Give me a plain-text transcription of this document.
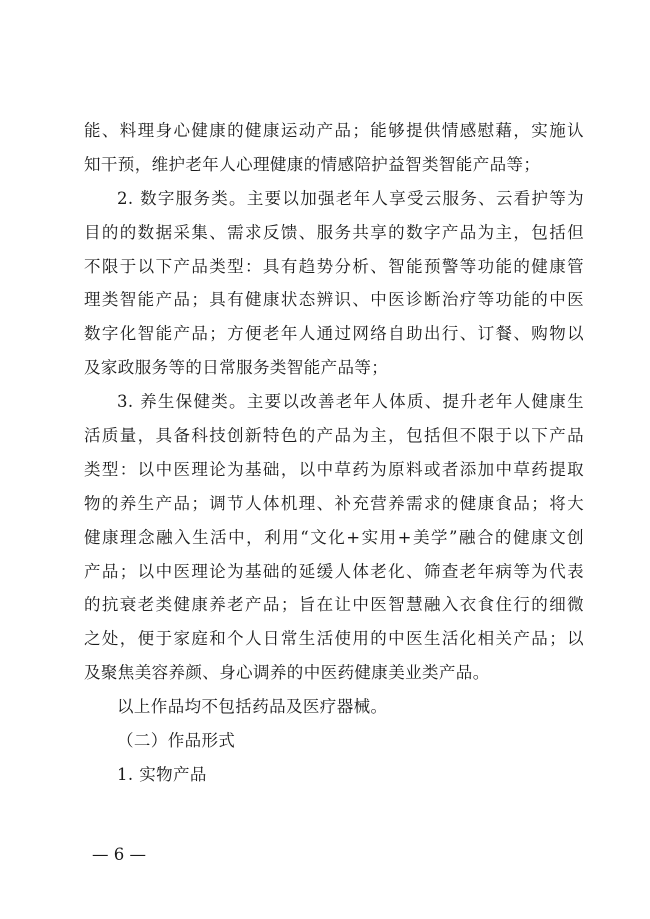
能、料理身心健康的健康运动产品；能够提供情感慰藉，实施认
知干预，维护老年人心理健康的情感陪护益智类智能产品等；
2. 数字服务类。主要以加强老年人享受云服务、云看护等为
目的的数据采集、需求反馈、服务共享的数字产品为主，包括但
不限于以下产品类型：具有趋势分析、智能预警等功能的健康管
理类智能产品；具有健康状态辨识、中医诊断治疗等功能的中医
数字化智能产品；方便老年人通过网络自助出行、订餐、购物以
及家政服务等的日常服务类智能产品等；
3. 养生保健类。主要以改善老年人体质、提升老年人健康生
活质量，具备科技创新特色的产品为主，包括但不限于以下产品
类型：以中医理论为基础，以中草药为原料或者添加中草药提取
物的养生产品；调节人体机理、补充营养需求的健康食品；将大
健康理念融入生活中，利用“文化+实用+美学”融合的健康文创
产品；以中医理论为基础的延缓人体老化、筛查老年病等为代表
的抗衰老类健康养老产品；旨在让中医智慧融入衣食住行的细微
之处，便于家庭和个人日常生活使用的中医生活化相关产品；以
及聚焦美容养颜、身心调养的中医药健康美业类产品。
以上作品均不包括药品及医疗器械。
（二）作品形式
1. 实物产品
— 6 —
